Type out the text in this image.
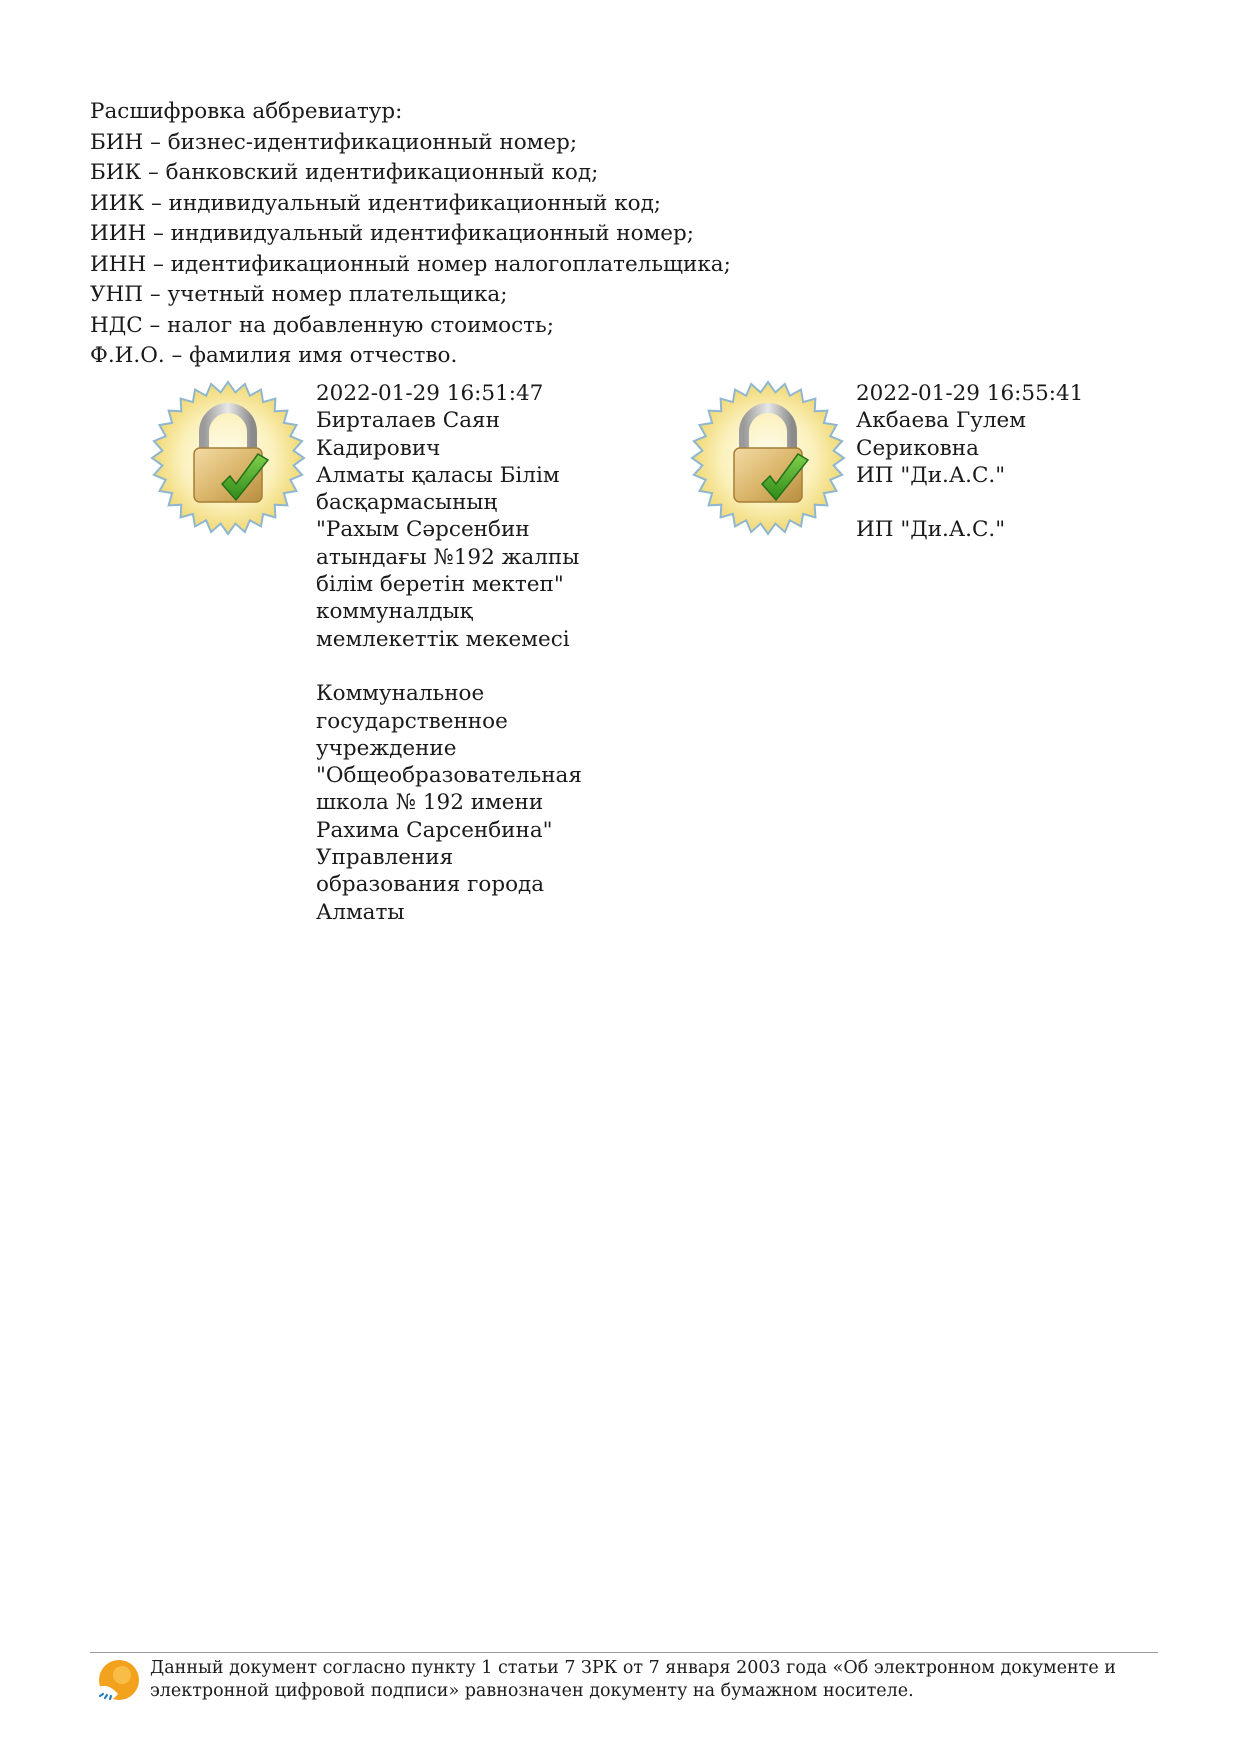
Расшифровка аббревиатур:
БИН – бизнес-идентификационный номер;
БИК – банковский идентификационный код;
ИИК – индивидуальный идентификационный код;
ИИН – индивидуальный идентификационный номер;
ИНН – идентификационный номер налогоплательщика;
УНП – учетный номер плательщика;
НДС – налог на добавленную стоимость;
Ф.И.О. – фамилия имя отчество.
2022-01-29 16:51:47
Бирталаев Саян Кадирович
Алматы қаласы Білім басқармасының "Рахым Сәрсенбин атындағы №192 жалпы білім беретін мектеп" коммуналдық мемлекеттік мекемесі

Коммунальное государственное учреждение "Общеобразовательная школа № 192 имени Рахима Сарсенбина" Управления образования города Алматы
2022-01-29 16:55:41
Акбаева Гулем Сериковна
ИП "Ди.А.С."

ИП "Ди.А.С."
Данный документ согласно пункту 1 статьи 7 ЗРК от 7 января 2003 года «Об электронном документе и электронной цифровой подписи» равнозначен документу на бумажном носителе.
